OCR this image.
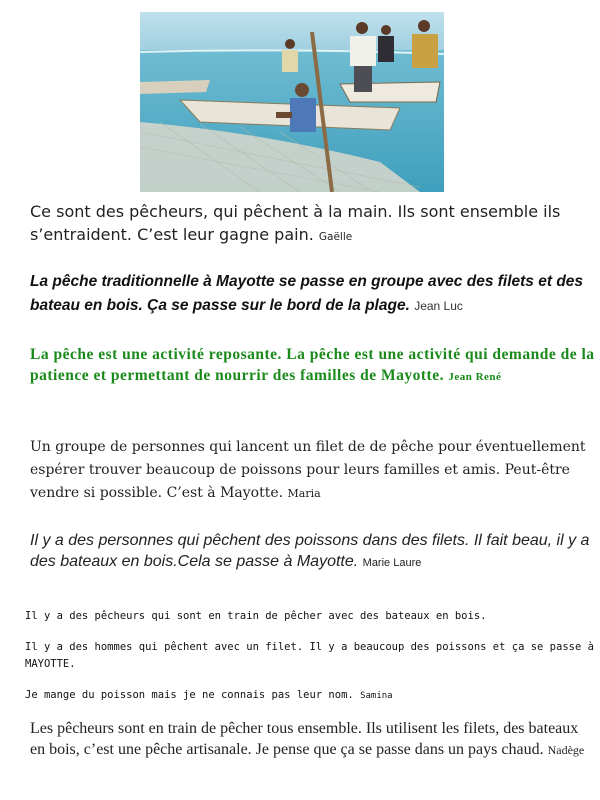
Ce sont des pêcheurs, qui pêchent à la main. Ils sont ensemble ils s’entraident. C’est leur gagne pain. Gaëlle
La pêche traditionnelle à Mayotte se passe en groupe avec des filets et des bateau en bois. Ça se passe sur le bord de la plage. Jean Luc
La pêche est une activité reposante. La pêche est une activité qui demande de la patience et permettant de nourrir des familles de Mayotte. Jean René
Un groupe de personnes qui lancent un filet de de pêche pour éventuellement espérer trouver beaucoup de poissons pour leurs familles et amis. Peut-être vendre si possible. C’est à Mayotte. Maria
Il y a des personnes qui pêchent des poissons dans des filets. Il fait beau, il y a des bateaux en bois.Cela se passe à Mayotte. Marie Laure

Il y a des pêcheurs qui sont en train de pêcher avec des bateaux en bois.

Il y a des hommes qui pêchent avec un filet. Il y a beaucoup des poissons et ça se passe à MAYOTTE.

Je mange du poisson mais je ne connais pas leur nom. Samina

Les pêcheurs sont en train de pêcher tous ensemble. Ils utilisent les filets, des bateaux en bois, c’est une pêche artisanale. Je pense que ça se passe dans un pays chaud. Nadège
